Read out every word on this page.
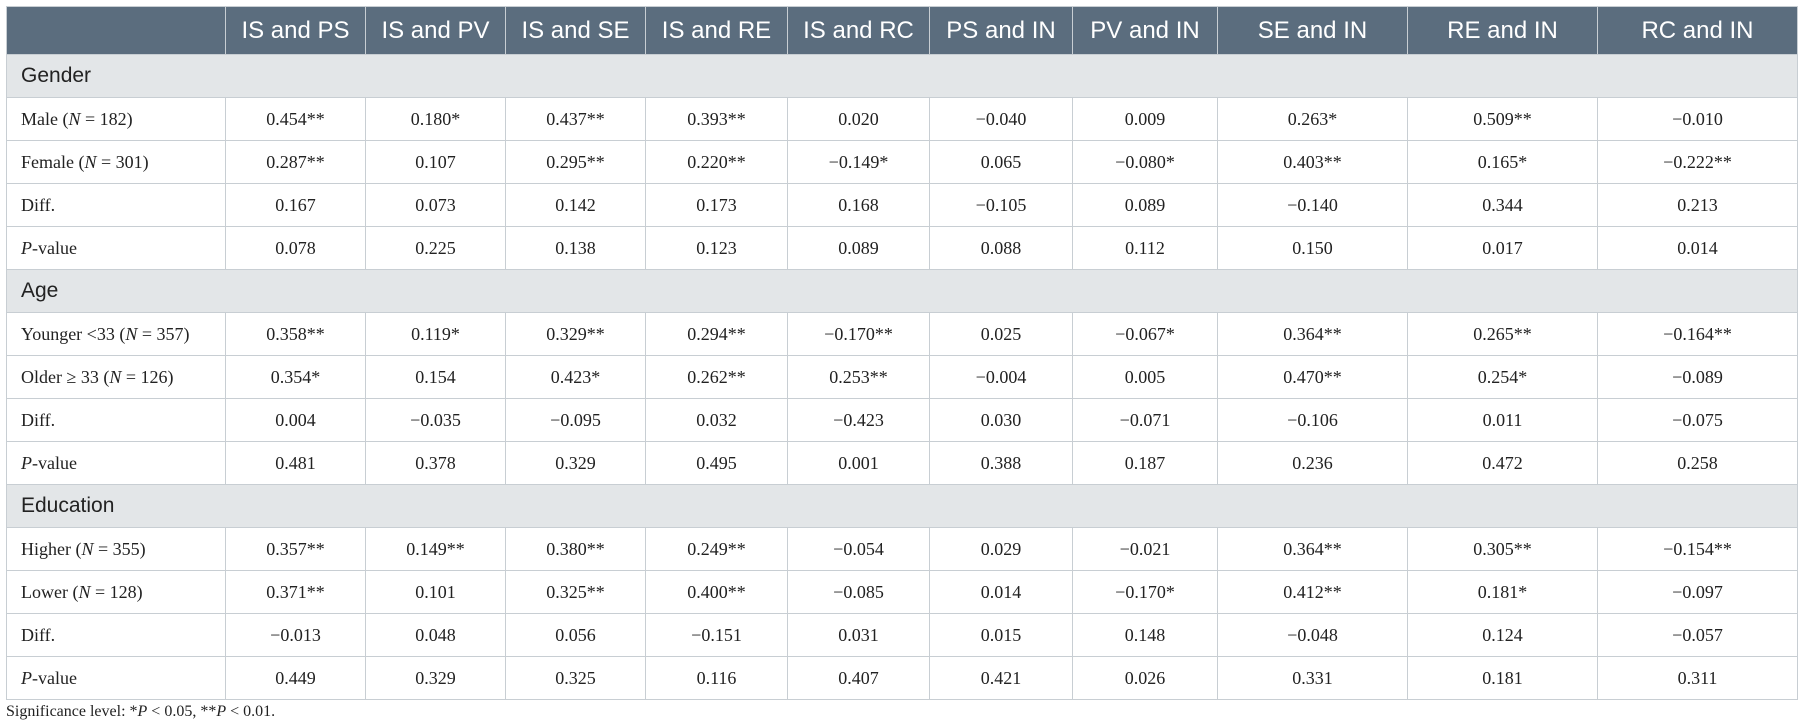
	IS and PS	IS and PV	IS and SE	IS and RE	IS and RC	PS and IN	PV and IN	SE and IN	RE and IN	RC and IN
Gender										
Male (N = 182)	0.454**	0.180*	0.437**	0.393**	0.020	−0.040	0.009	0.263*	0.509**	−0.010
Female (N = 301)	0.287**	0.107	0.295**	0.220**	−0.149*	0.065	−0.080*	0.403**	0.165*	−0.222**
Diff.	0.167	0.073	0.142	0.173	0.168	−0.105	0.089	−0.140	0.344	0.213
P-value	0.078	0.225	0.138	0.123	0.089	0.088	0.112	0.150	0.017	0.014
Age										
Younger <33 (N = 357)	0.358**	0.119*	0.329**	0.294**	−0.170**	0.025	−0.067*	0.364**	0.265**	−0.164**
Older ≥ 33 (N = 126)	0.354*	0.154	0.423*	0.262**	0.253**	−0.004	0.005	0.470**	0.254*	−0.089
Diff.	0.004	−0.035	−0.095	0.032	−0.423	0.030	−0.071	−0.106	0.011	−0.075
P-value	0.481	0.378	0.329	0.495	0.001	0.388	0.187	0.236	0.472	0.258
Education										
Higher (N = 355)	0.357**	0.149**	0.380**	0.249**	−0.054	0.029	−0.021	0.364**	0.305**	−0.154**
Lower (N = 128)	0.371**	0.101	0.325**	0.400**	−0.085	0.014	−0.170*	0.412**	0.181*	−0.097
Diff.	−0.013	0.048	0.056	−0.151	0.031	0.015	0.148	−0.048	0.124	−0.057
P-value	0.449	0.329	0.325	0.116	0.407	0.421	0.026	0.331	0.181	0.311
Significance level: *P < 0.05, **P < 0.01.
